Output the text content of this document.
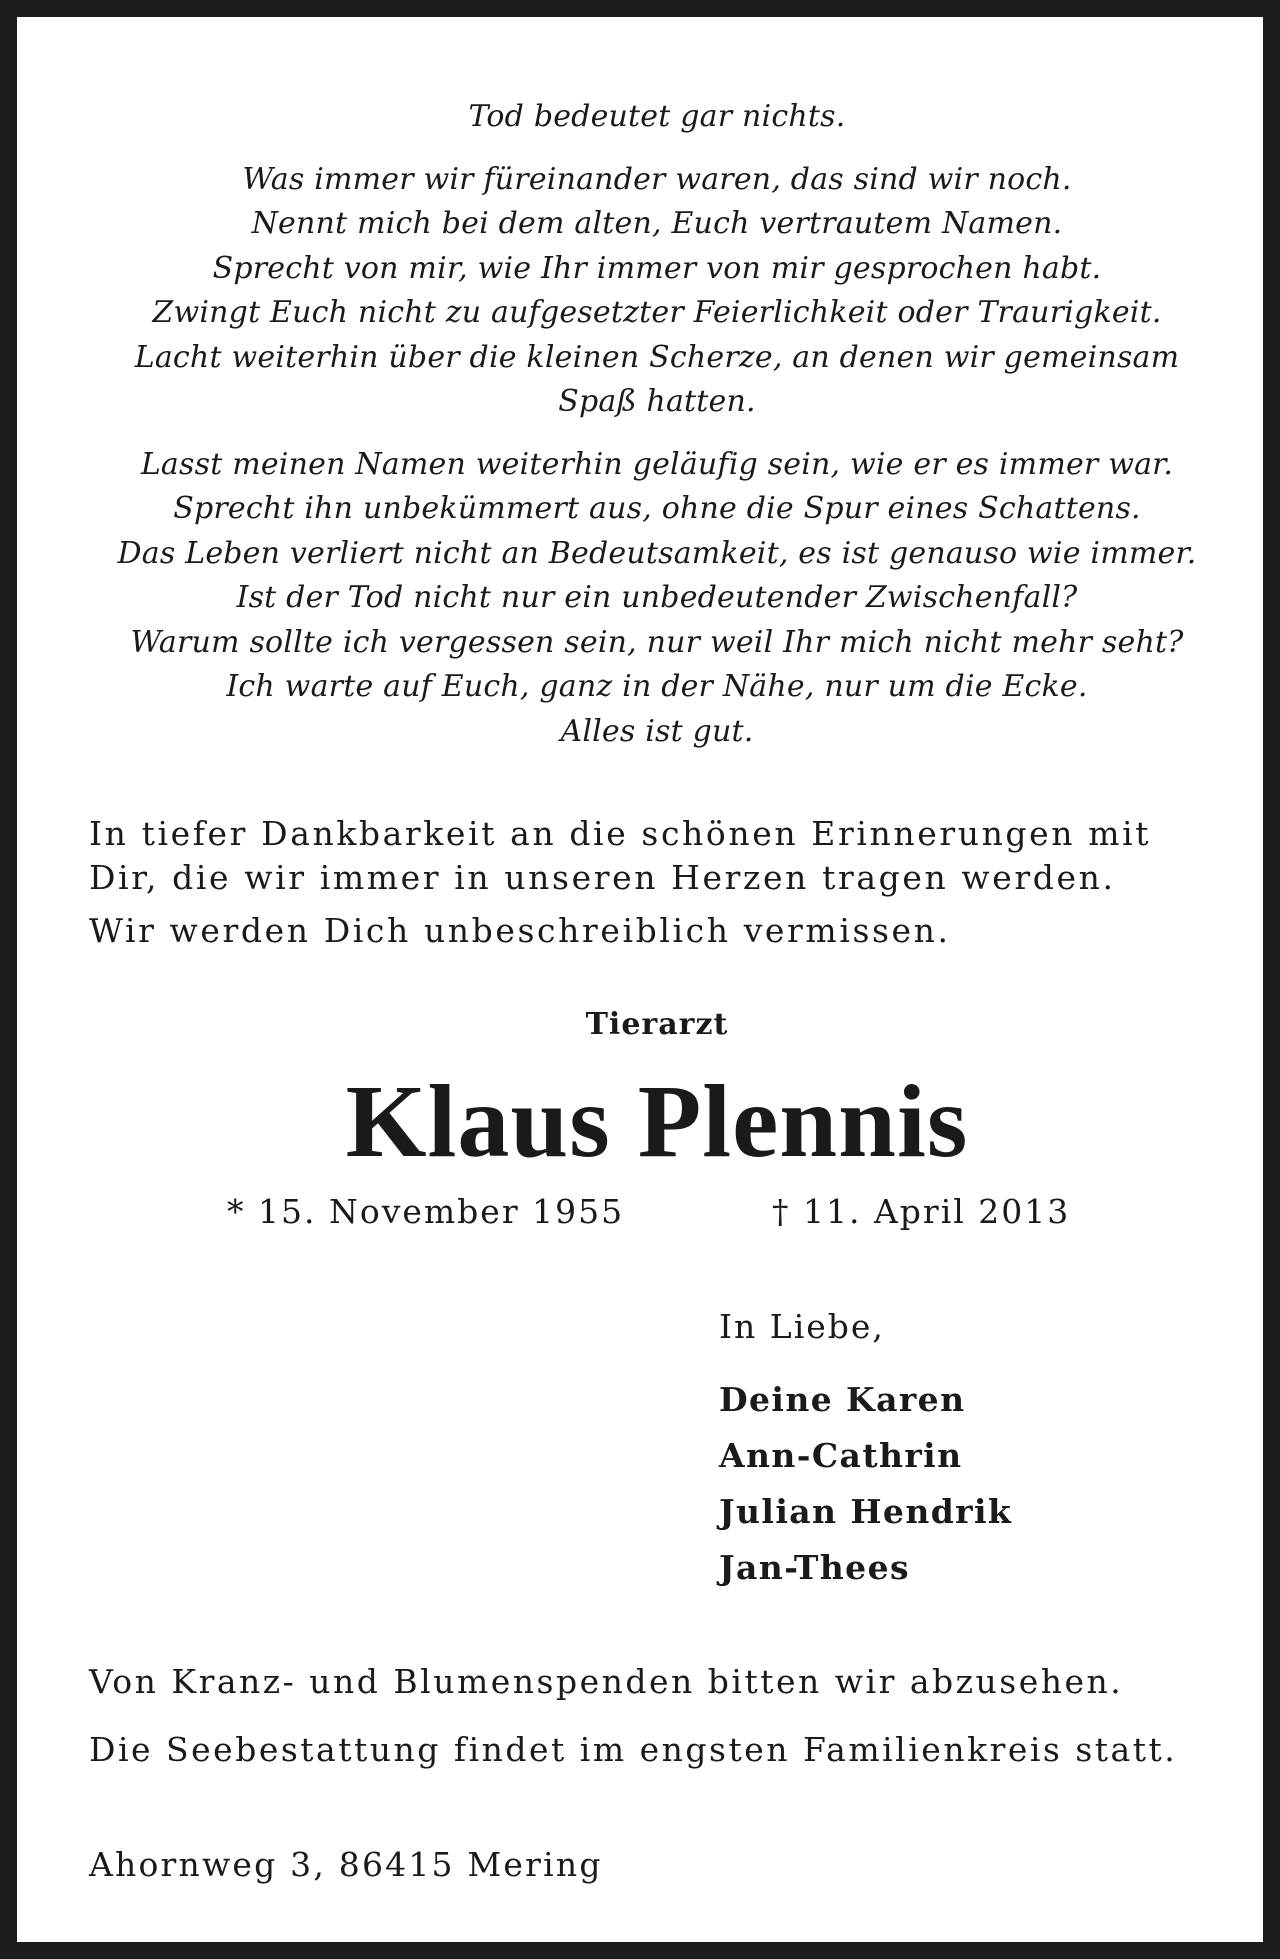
Tod bedeutet gar nichts.

Was immer wir füreinander waren, das sind wir noch.
Nennt mich bei dem alten, Euch vertrautem Namen.
Sprecht von mir, wie Ihr immer von mir gesprochen habt.
Zwingt Euch nicht zu aufgesetzter Feierlichkeit oder Traurigkeit.
Lacht weiterhin über die kleinen Scherze, an denen wir gemeinsam
Spaß hatten.

Lasst meinen Namen weiterhin geläufig sein, wie er es immer war.
Sprecht ihn unbekümmert aus, ohne die Spur eines Schattens.
Das Leben verliert nicht an Bedeutsamkeit, es ist genauso wie immer.
Ist der Tod nicht nur ein unbedeutender Zwischenfall?
Warum sollte ich vergessen sein, nur weil Ihr mich nicht mehr seht?
Ich warte auf Euch, ganz in der Nähe, nur um die Ecke.
Alles ist gut.

In tiefer Dankbarkeit an die schönen Erinnerungen mit
Dir, die wir immer in unseren Herzen tragen werden.
Wir werden Dich unbeschreiblich vermissen.
Tierarzt
Klaus Plennis
* 15. November 1955	† 11. April 2013
In Liebe,
Deine Karen
Ann-Cathrin
Julian Hendrik
Jan-Thees
Von Kranz- und Blumenspenden bitten wir abzusehen.
Die Seebestattung findet im engsten Familienkreis statt.
Ahornweg 3, 86415 Mering
